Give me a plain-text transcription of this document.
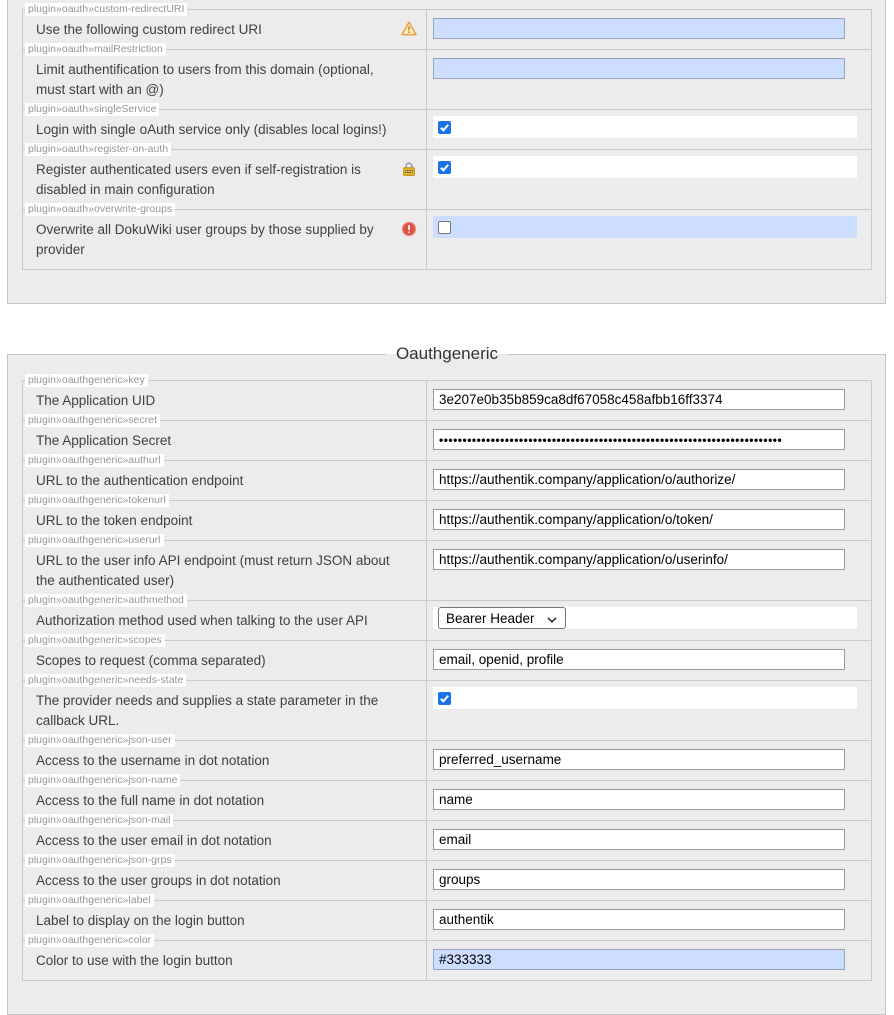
plugin»oauth»custom-redirectURI
Use the following custom redirect URI
plugin»oauth»mailRestriction
Limit authentification to users from this domain (optional, must start with an @)
plugin»oauth»singleService
Login with single oAuth service only (disables local logins!)
plugin»oauth»register-on-auth
Register authenticated users even if self-registration is disabled in main configuration
plugin»oauth»overwrite-groups
Overwrite all DokuWiki user groups by those supplied by provider
Oauthgeneric
plugin»oauthgeneric»key
The Application UID
3e207e0b35b859ca8df67058c458afbb16ff3374
plugin»oauthgeneric»secret
The Application Secret
•••••••••••••••••••••••••••••••••••••••••••••••••••••••••••••••••••••••••
plugin»oauthgeneric»authurl
URL to the authentication endpoint
https://authentik.company/application/o/authorize/
plugin»oauthgeneric»tokenurl
URL to the token endpoint
https://authentik.company/application/o/token/
plugin»oauthgeneric»userurl
URL to the user info API endpoint (must return JSON about the authenticated user)
https://authentik.company/application/o/userinfo/
plugin»oauthgeneric»authmethod
Authorization method used when talking to the user API	Bearer Header
plugin»oauthgeneric»scopes
Scopes to request (comma separated)
email, openid, profile
plugin»oauthgeneric»needs-state
The provider needs and supplies a state parameter in the callback URL.
plugin»oauthgeneric»json-user
Access to the username in dot notation
preferred_username
plugin»oauthgeneric»json-name
Access to the full name in dot notation
name
plugin»oauthgeneric»json-mail
Access to the user email in dot notation
email
plugin»oauthgeneric»json-grps
Access to the user groups in dot notation
groups
plugin»oauthgeneric»label
Label to display on the login button
authentik
plugin»oauthgeneric»color
Color to use with the login button
#333333
